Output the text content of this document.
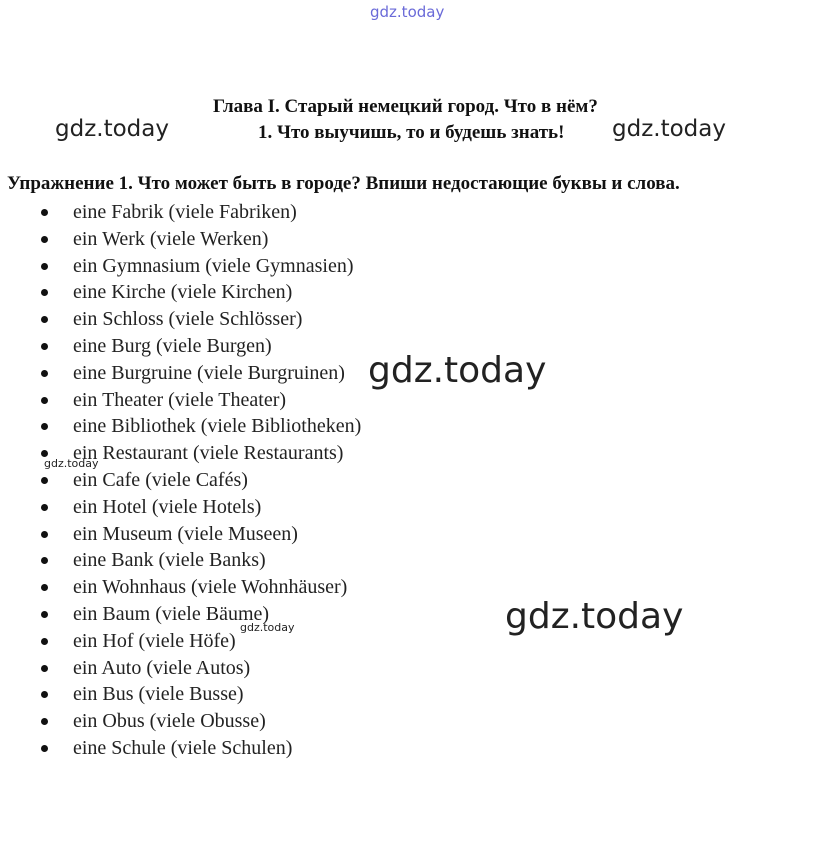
gdz.today
gdz.today
Глава I. Старый немецкий город. Что в нём?
1. Что выучишь, то и будешь знать! gdz.today
Упражнение 1. Что может быть в городе? Впиши недостающие буквы и слова.
eine Fabrik (viele Fabriken)
ein Werk (viele Werken)
ein Gymnasium (viele Gymnasien)
eine Kirche (viele Kirchen)
ein Schloss (viele Schlösser)
eine Burg (viele Burgen)
eine Burgruine (viele Burgruinen)
ein Theater (viele Theater)
eine Bibliothek (viele Bibliotheken)
ein Restaurant (viele Restaurants)
ein Cafe (viele Cafés)
ein Hotel (viele Hotels)
ein Museum (viele Museen)
eine Bank (viele Banks)
ein Wohnhaus (viele Wohnhäuser)
ein Baum (viele Bäume)
ein Hof (viele Höfe)
ein Auto (viele Autos)
ein Bus (viele Busse)
ein Obus (viele Obusse)
eine Schule (viele Schulen)
gdz.today
gdz.today
gdz.today	gdz.today
